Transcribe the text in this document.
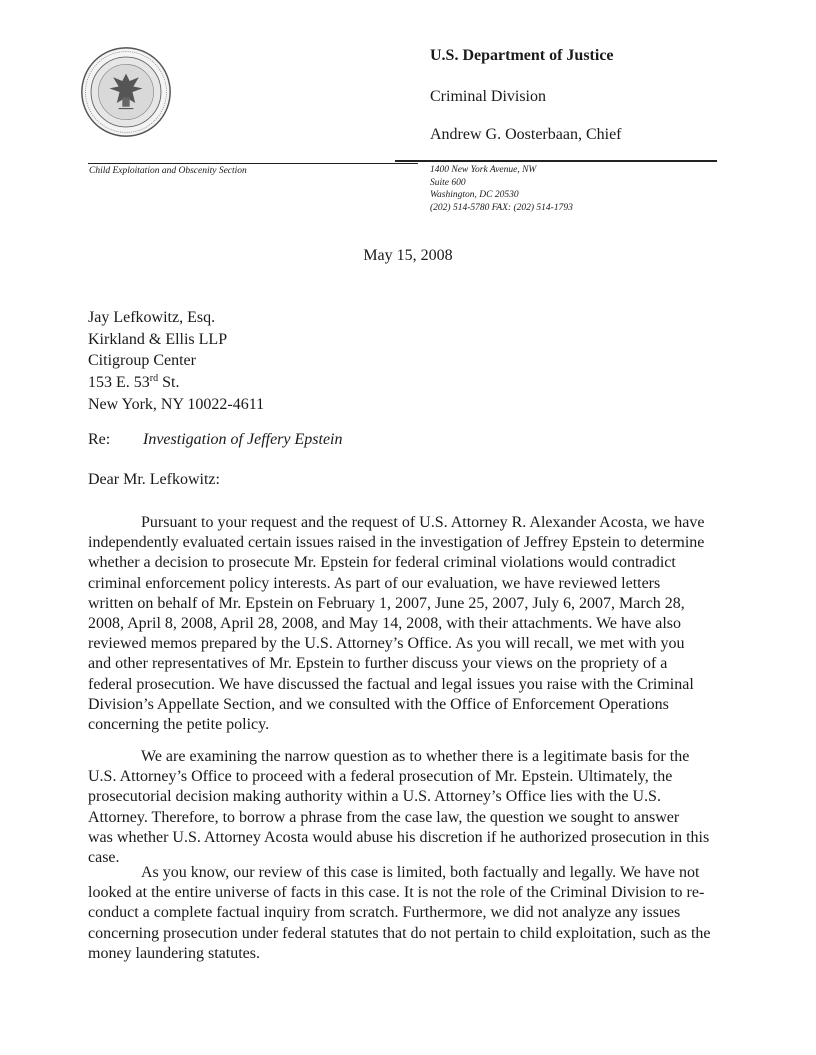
U.S. Department of Justice
Criminal Division
Andrew G. Oosterbaan, Chief
Child Exploitation and Obscenity Section	1400 New York Avenue, NW
Suite 600
Washington, DC 20530
(202) 514-5780 FAX: (202) 514-1793
May 15, 2008
Jay Lefkowitz, Esq.
Kirkland & Ellis LLP
Citigroup Center
153 E. 53rd St.
New York, NY 10022-4611
Re: Investigation of Jeffery Epstein
Dear Mr. Lefkowitz:
Pursuant to your request and the request of U.S. Attorney R. Alexander Acosta, we have
independently evaluated certain issues raised in the investigation of Jeffrey Epstein to determine
whether a decision to prosecute Mr. Epstein for federal criminal violations would contradict
criminal enforcement policy interests. As part of our evaluation, we have reviewed letters
written on behalf of Mr. Epstein on February 1, 2007, June 25, 2007, July 6, 2007, March 28,
2008, April 8, 2008, April 28, 2008, and May 14, 2008, with their attachments. We have also
reviewed memos prepared by the U.S. Attorney’s Office. As you will recall, we met with you
and other representatives of Mr. Epstein to further discuss your views on the propriety of a
federal prosecution. We have discussed the factual and legal issues you raise with the Criminal
Division’s Appellate Section, and we consulted with the Office of Enforcement Operations
concerning the petite policy.
We are examining the narrow question as to whether there is a legitimate basis for the
U.S. Attorney’s Office to proceed with a federal prosecution of Mr. Epstein. Ultimately, the
prosecutorial decision making authority within a U.S. Attorney’s Office lies with the U.S.
Attorney. Therefore, to borrow a phrase from the case law, the question we sought to answer
was whether U.S. Attorney Acosta would abuse his discretion if he authorized prosecution in this
case.
As you know, our review of this case is limited, both factually and legally. We have not
looked at the entire universe of facts in this case. It is not the role of the Criminal Division to re-
conduct a complete factual inquiry from scratch. Furthermore, we did not analyze any issues
concerning prosecution under federal statutes that do not pertain to child exploitation, such as the
money laundering statutes.
